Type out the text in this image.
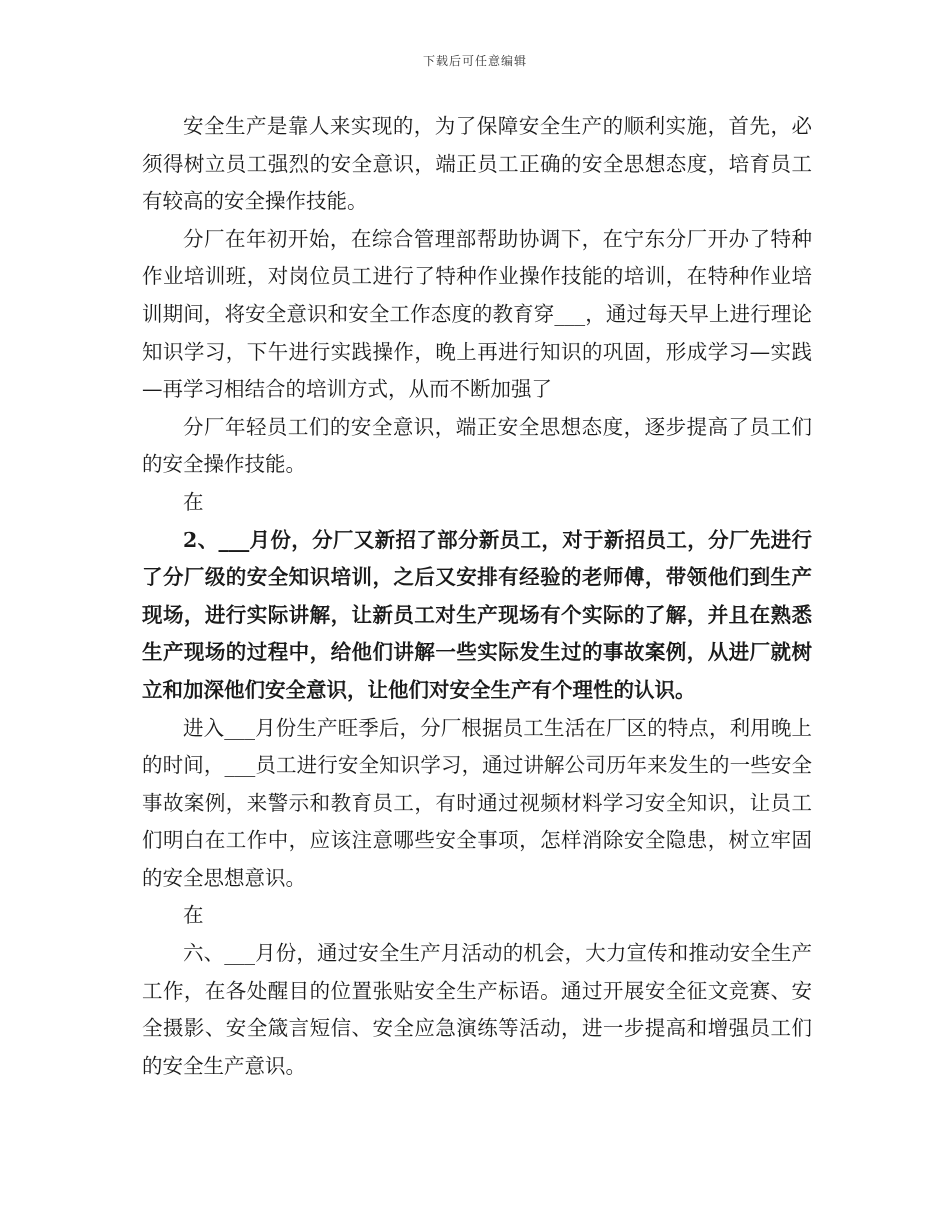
下载后可任意编辑

安全生产是靠人来实现的，为了保障安全生产的顺利实施，首先，必须得树立员工强烈的安全意识，端正员工正确的安全思想态度，培育员工有较高的安全操作技能。

分厂在年初开始，在综合管理部帮助协调下，在宁东分厂开办了特种作业培训班，对岗位员工进行了特种作业操作技能的培训，在特种作业培训期间，将安全意识和安全工作态度的教育穿___，通过每天早上进行理论知识学习，下午进行实践操作，晚上再进行知识的巩固，形成学习—实践—再学习相结合的培训方式，从而不断加强了

分厂年轻员工们的安全意识，端正安全思想态度，逐步提高了员工们的安全操作技能。

在

2、___月份，分厂又新招了部分新员工，对于新招员工，分厂先进行了分厂级的安全知识培训，之后又安排有经验的老师傅，带领他们到生产现场，进行实际讲解，让新员工对生产现场有个实际的了解，并且在熟悉生产现场的过程中，给他们讲解一些实际发生过的事故案例，从进厂就树立和加深他们安全意识，让他们对安全生产有个理性的认识。

进入___月份生产旺季后，分厂根据员工生活在厂区的特点，利用晚上的时间，___员工进行安全知识学习，通过讲解公司历年来发生的一些安全事故案例，来警示和教育员工，有时通过视频材料学习安全知识，让员工们明白在工作中，应该注意哪些安全事项，怎样消除安全隐患，树立牢固的安全思想意识。

在

六、___月份，通过安全生产月活动的机会，大力宣传和推动安全生产工作，在各处醒目的位置张贴安全生产标语。通过开展安全征文竞赛、安全摄影、安全箴言短信、安全应急演练等活动，进一步提高和增强员工们的安全生产意识。
